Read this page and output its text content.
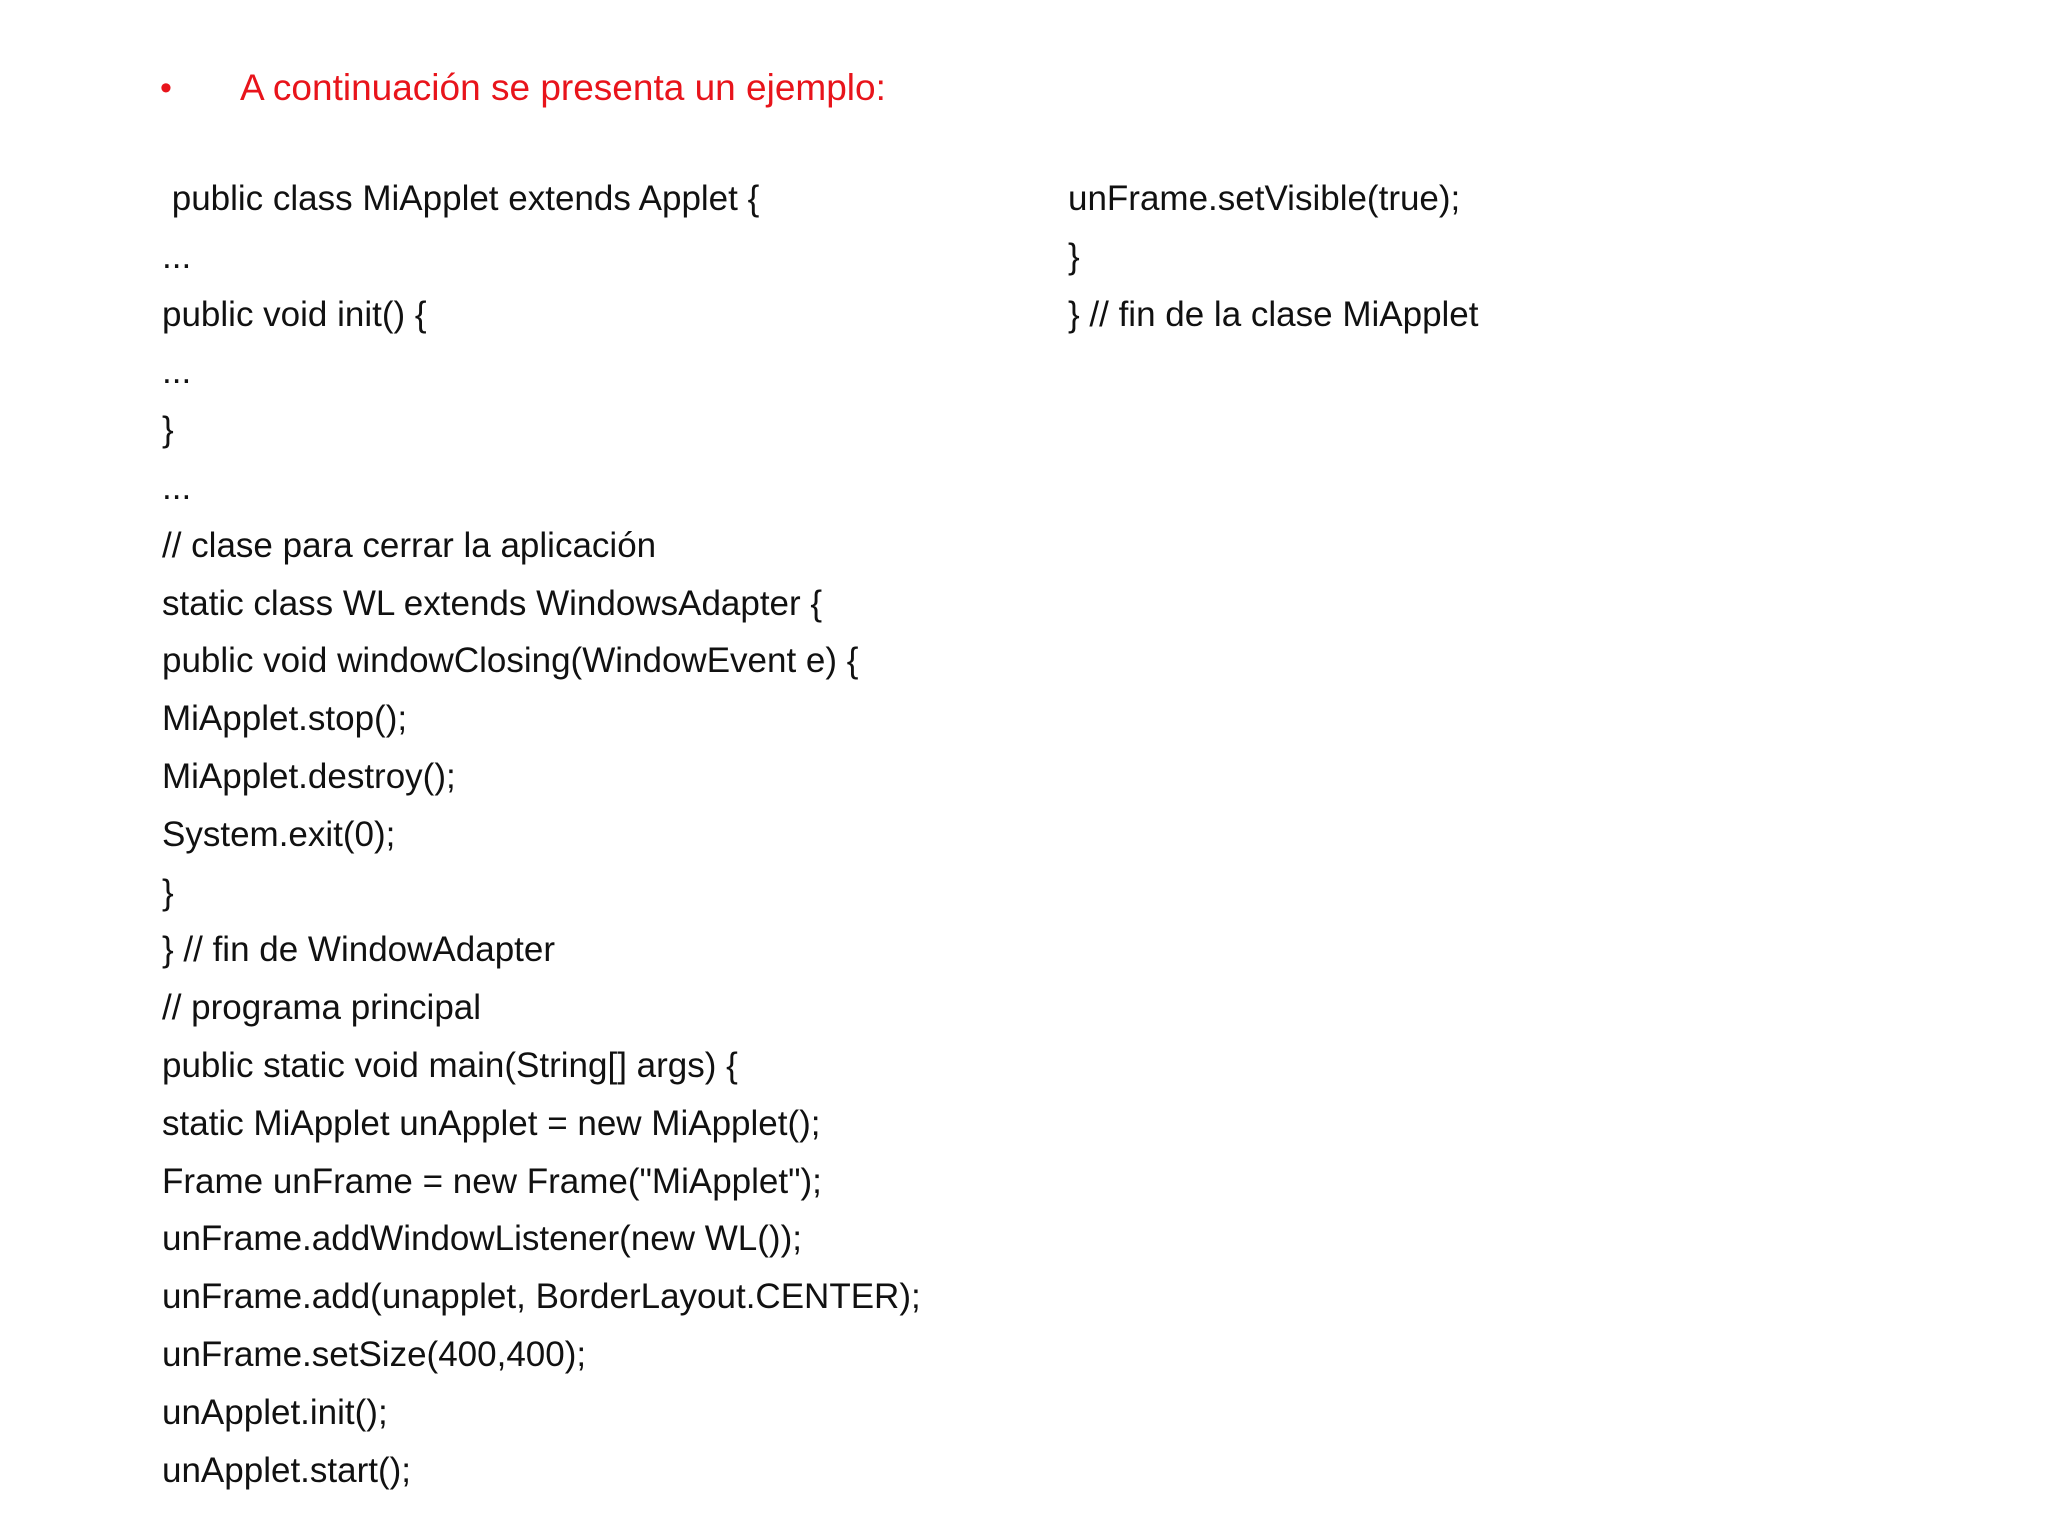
•	A continuación se presenta un ejemplo:
public class MiApplet extends Applet {
...
public void init() {
...
}
...
// clase para cerrar la aplicación
static class WL extends WindowsAdapter {
public void windowClosing(WindowEvent e) {
MiApplet.stop();
MiApplet.destroy();
System.exit(0);
}
} // fin de WindowAdapter
// programa principal
public static void main(String[] args) {
static MiApplet unApplet = new MiApplet();
Frame unFrame = new Frame("MiApplet");
unFrame.addWindowListener(new WL());
unFrame.add(unapplet, BorderLayout.CENTER);
unFrame.setSize(400,400);
unApplet.init();
unApplet.start();
unFrame.setVisible(true);
}
} // fin de la clase MiApplet
